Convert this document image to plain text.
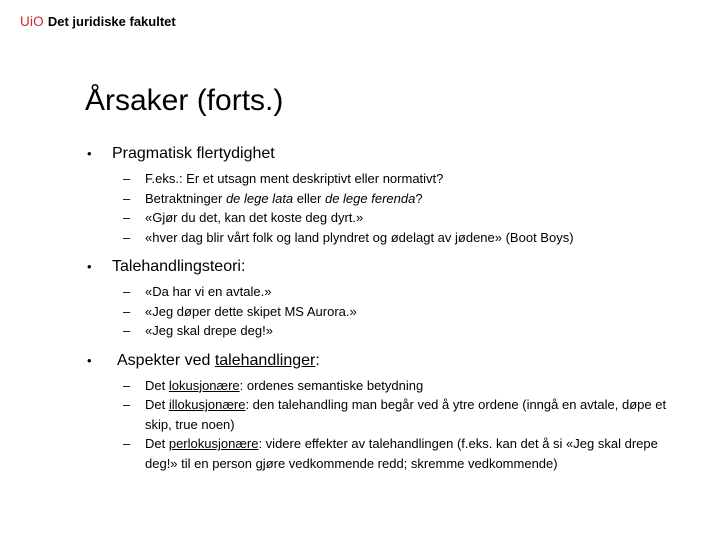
UiO Det juridiske fakultet
Årsaker (forts.)
• Pragmatisk flertydighet
– F.eks.: Er et utsagn ment deskriptivt eller normativt?
– Betraktninger de lege lata eller de lege ferenda?
– «Gjør du det, kan det koste deg dyrt.»
– «hver dag blir vårt folk og land plyndret og ødelagt av jødene» (Boot Boys)
• Talehandlingsteori:
– «Da har vi en avtale.»
– «Jeg døper dette skipet MS Aurora.»
– «Jeg skal drepe deg!»
• Aspekter ved talehandlinger:
– Det lokusjonære: ordenes semantiske betydning
– Det illokusjonære: den talehandling man begår ved å ytre ordene (inngå en avtale, døpe et skip, true noen)
– Det perlokusjonære: videre effekter av talehandlingen (f.eks. kan det å si «Jeg skal drepe deg!» til en person gjøre vedkommende redd; skremme vedkommende)
